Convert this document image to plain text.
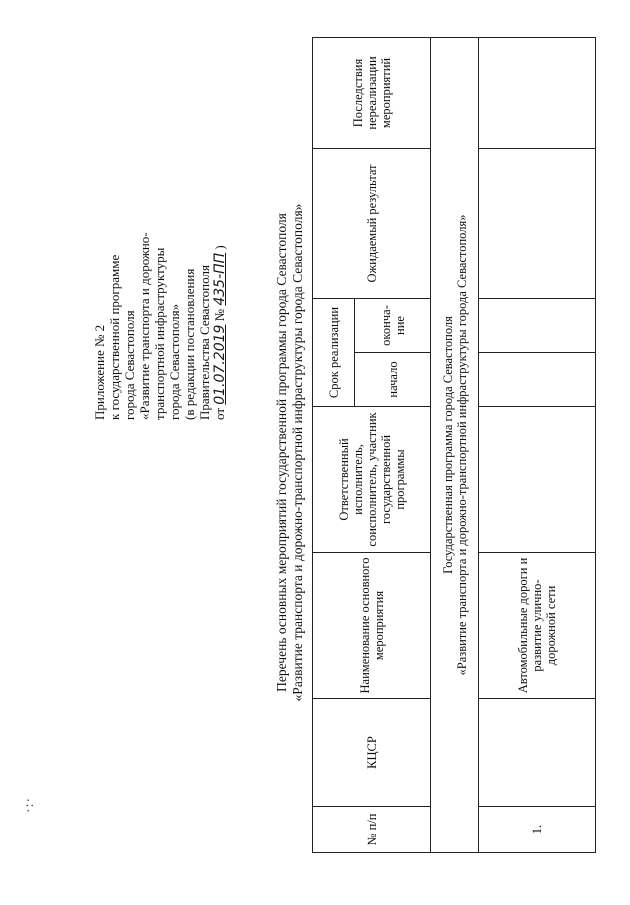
·:·
Приложение № 2 к государственной программе города Севастополя «Развитие транспорта и дорожно- транспортной инфраструктуры города Севастополя» (в редакции постановления Правительства Севастополя от 01.07.2019 № 435-ПП )	Перечень основных мероприятий государственной программы города Севастополя «Развитие транспорта и дорожно-транспортной инфраструктуры города Севастополя»
№ п/п	КЦСР	Наименование основного мероприятия	Ответственный исполнитель, соисполнитель, участник государственной программы	Срок реализации		Ожидаемый результат	Последствия нереализации мероприятий
				начало	оконча-ние		

Государственная программа города Севастополя «Развитие транспорта и дорожно-транспортной инфраструктуры города Севастополя»							

1.		Автомобильные дороги и развитие улично-дорожной сети					
